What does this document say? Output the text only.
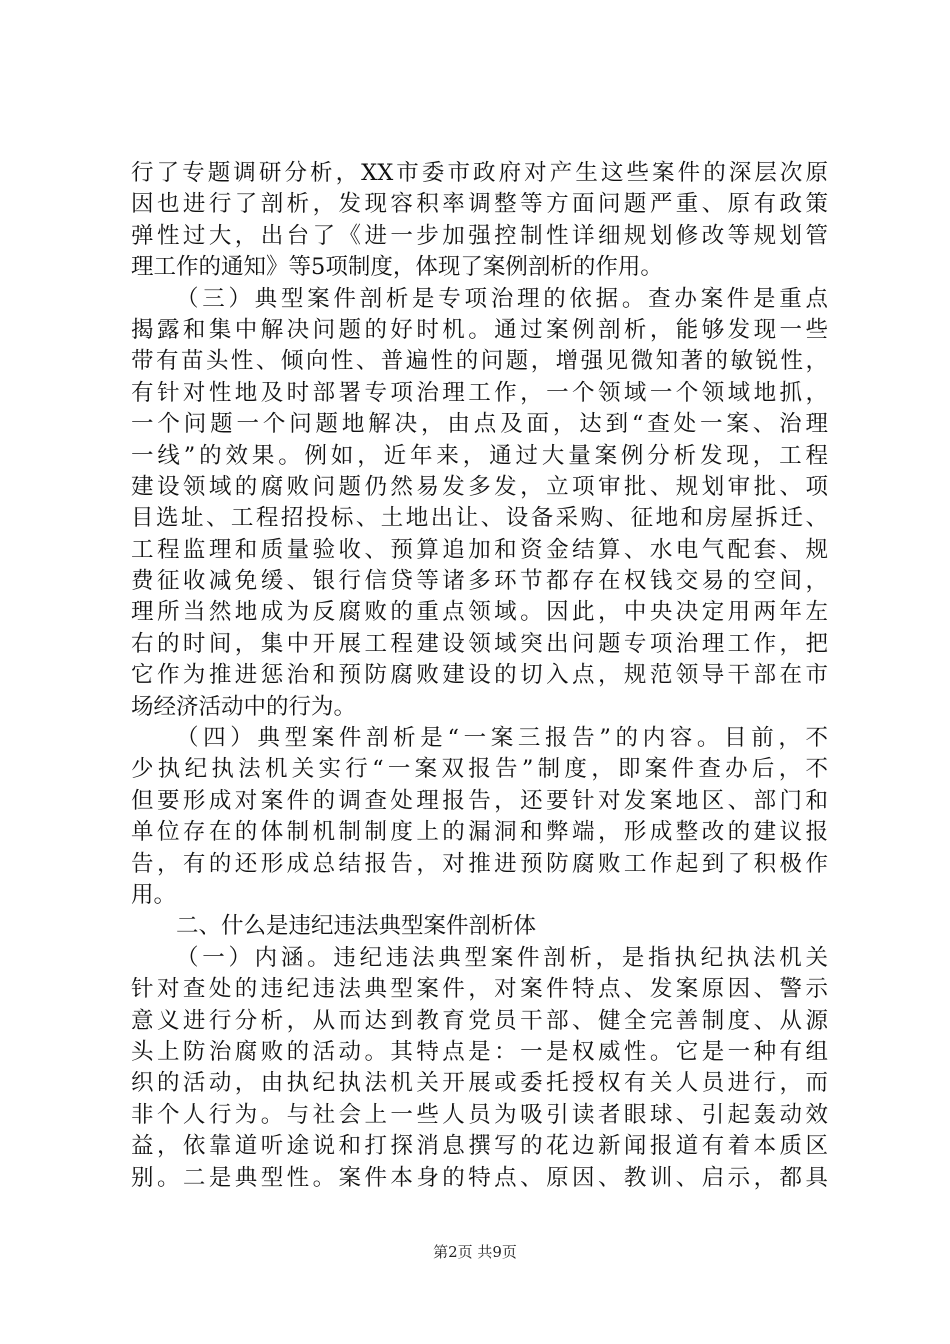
行了专题调研分析，XX市委市政府对产生这些案件的深层次原
因也进行了剖析，发现容积率调整等方面问题严重、原有政策
弹性过大，出台了《进一步加强控制性详细规划修改等规划管
理工作的通知》等5项制度，体现了案例剖析的作用。
（三）典型案件剖析是专项治理的依据。查办案件是重点
揭露和集中解决问题的好时机。通过案例剖析，能够发现一些
带有苗头性、倾向性、普遍性的问题，增强见微知著的敏锐性，
有针对性地及时部署专项治理工作，一个领域一个领域地抓，
一个问题一个问题地解决，由点及面，达到“查处一案、治理
一线”的效果。例如，近年来，通过大量案例分析发现，工程
建设领域的腐败问题仍然易发多发，立项审批、规划审批、项
目选址、工程招投标、土地出让、设备采购、征地和房屋拆迁、
工程监理和质量验收、预算追加和资金结算、水电气配套、规
费征收减免缓、银行信贷等诸多环节都存在权钱交易的空间，
理所当然地成为反腐败的重点领域。因此，中央决定用两年左
右的时间，集中开展工程建设领域突出问题专项治理工作，把
它作为推进惩治和预防腐败建设的切入点，规范领导干部在市
场经济活动中的行为。
（四）典型案件剖析是“一案三报告”的内容。目前，不
少执纪执法机关实行“一案双报告”制度，即案件查办后，不
但要形成对案件的调查处理报告，还要针对发案地区、部门和
单位存在的体制机制制度上的漏洞和弊端，形成整改的建议报
告，有的还形成总结报告，对推进预防腐败工作起到了积极作
用。
二、什么是违纪违法典型案件剖析体
（一）内涵。违纪违法典型案件剖析，是指执纪执法机关
针对查处的违纪违法典型案件，对案件特点、发案原因、警示
意义进行分析，从而达到教育党员干部、健全完善制度、从源
头上防治腐败的活动。其特点是：一是权威性。它是一种有组
织的活动，由执纪执法机关开展或委托授权有关人员进行，而
非个人行为。与社会上一些人员为吸引读者眼球、引起轰动效
益，依靠道听途说和打探消息撰写的花边新闻报道有着本质区
别。二是典型性。案件本身的特点、原因、教训、启示，都具
第2页 共9页
